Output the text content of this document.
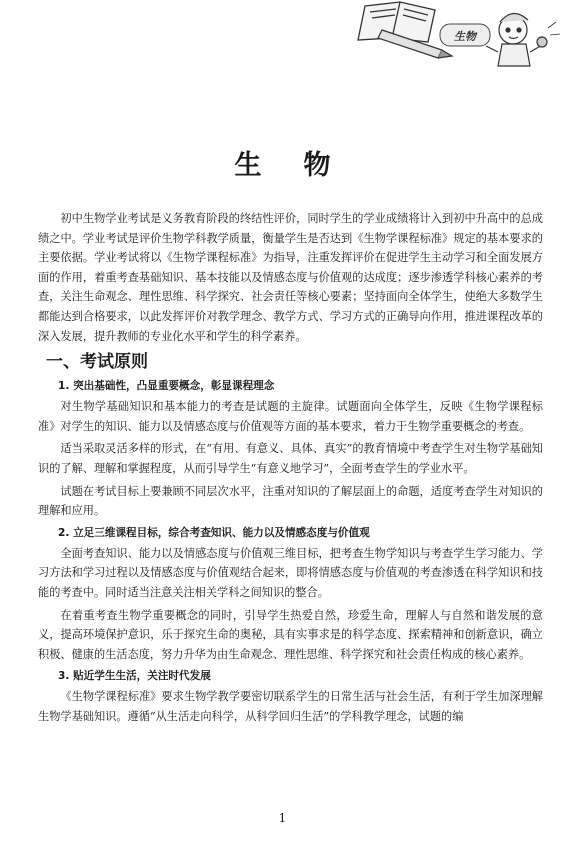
生物
生物

初中生物学业考试是义务教育阶段的终结性评价，同时学生的学业成绩将计入到初中升高中的总成绩之中。学业考试是评价生物学科教学质量，衡量学生是否达到《生物学课程标准》规定的基本要求的主要依据。学业考试将以《生物学课程标准》为指导，注重发挥评价在促进学生主动学习和全面发展方面的作用，着重考查基础知识、基本技能以及情感态度与价值观的达成度；逐步渗透学科核心素养的考查，关注生命观念、理性思维、科学探究、社会责任等核心要素；坚持面向全体学生，使绝大多数学生都能达到合格要求，以此发挥评价对教学理念、教学方式、学习方式的正确导向作用，推进课程改革的深入发展，提升教师的专业化水平和学生的科学素养。

一、考试原则
1. 突出基础性，凸显重要概念，彰显课程理念

对生物学基础知识和基本能力的考查是试题的主旋律。试题面向全体学生，反映《生物学课程标准》对学生的知识、能力以及情感态度与价值观等方面的基本要求，着力于生物学重要概念的考查。

适当采取灵活多样的形式，在“有用、有意义、具体、真实”的教育情境中考查学生对生物学基础知识的了解、理解和掌握程度，从而引导学生“有意义地学习”，全面考查学生的学业水平。

试题在考试目标上要兼顾不同层次水平，注重对知识的了解层面上的命题，适度考查学生对知识的理解和应用。

2. 立足三维课程目标，综合考查知识、能力以及情感态度与价值观

全面考查知识、能力以及情感态度与价值观三维目标，把考查生物学知识与考查学生学习能力、学习方法和学习过程以及情感态度与价值观结合起来，即将情感态度与价值观的考查渗透在科学知识和技能的考查中。同时适当注意关注相关学科之间知识的整合。

在着重考查生物学重要概念的同时，引导学生热爱自然，珍爱生命，理解人与自然和谐发展的意义，提高环境保护意识，乐于探究生命的奥秘，具有实事求是的科学态度、探索精神和创新意识，确立积极、健康的生活态度，努力升华为由生命观念、理性思维、科学探究和社会责任构成的核心素养。

3. 贴近学生生活，关注时代发展

《生物学课程标准》要求生物学教学要密切联系学生的日常生活与社会生活，有利于学生加深理解生物学基础知识。遵循“从生活走向科学，从科学回归生活”的学科教学理念，试题的编

1
